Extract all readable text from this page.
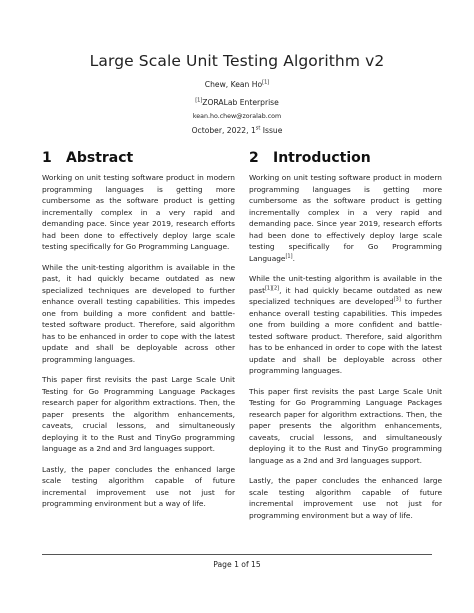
Large Scale Unit Testing Algorithm v2
Chew, Kean Ho[1]
[1]ZORALab Enterprise
kean.ho.chew@zoralab.com
October, 2022, 1st Issue
1	Abstract

Working on unit testing software product in modern programming languages is getting more cumbersome as the software product is getting incrementally complex in a very rapid and demanding pace. Since year 2019, research efforts had been done to effectively deploy large scale testing specifically for Go Programming Language.

While the unit-testing algorithm is available in the past, it had quickly became outdated as new specialized techniques are developed to further enhance overall testing capabilities. This impedes one from building a more confident and battle-tested software product. Therefore, said algorithm has to be enhanced in order to cope with the latest update and shall be deployable across other programming languages.

This paper first revisits the past Large Scale Unit Testing for Go Programming Language Packages research paper for algorithm extractions. Then, the paper presents the algorithm enhancements, caveats, crucial lessons, and simultaneously deploying it to the Rust and TinyGo programming language as a 2nd and 3rd languages support.

Lastly, the paper concludes the enhanced large scale testing algorithm capable of future incremental improvement use not just for programming environment but a way of life.

2	Introduction

Working on unit testing software product in modern programming languages is getting more cumbersome as the software product is getting incrementally complex in a very rapid and demanding pace. Since year 2019, research efforts had been done to effectively deploy large scale testing specifically for Go Programming Language[1].

While the unit-testing algorithm is available in the past[1][2], it had quickly became outdated as new specialized techniques are developed[3] to further enhance overall testing capabilities. This impedes one from building a more confident and battle-tested software product. Therefore, said algorithm has to be enhanced in order to cope with the latest update and shall be deployable across other programming languages.

This paper first revisits the past Large Scale Unit Testing for Go Programming Language Packages research paper for algorithm extractions. Then, the paper presents the algorithm enhancements, caveats, crucial lessons, and simultaneously deploying it to the Rust and TinyGo programming language as a 2nd and 3rd languages support.

Lastly, the paper concludes the enhanced large scale testing algorithm capable of future incremental improvement use not just for programming environment but a way of life.

Page 1 of 15
